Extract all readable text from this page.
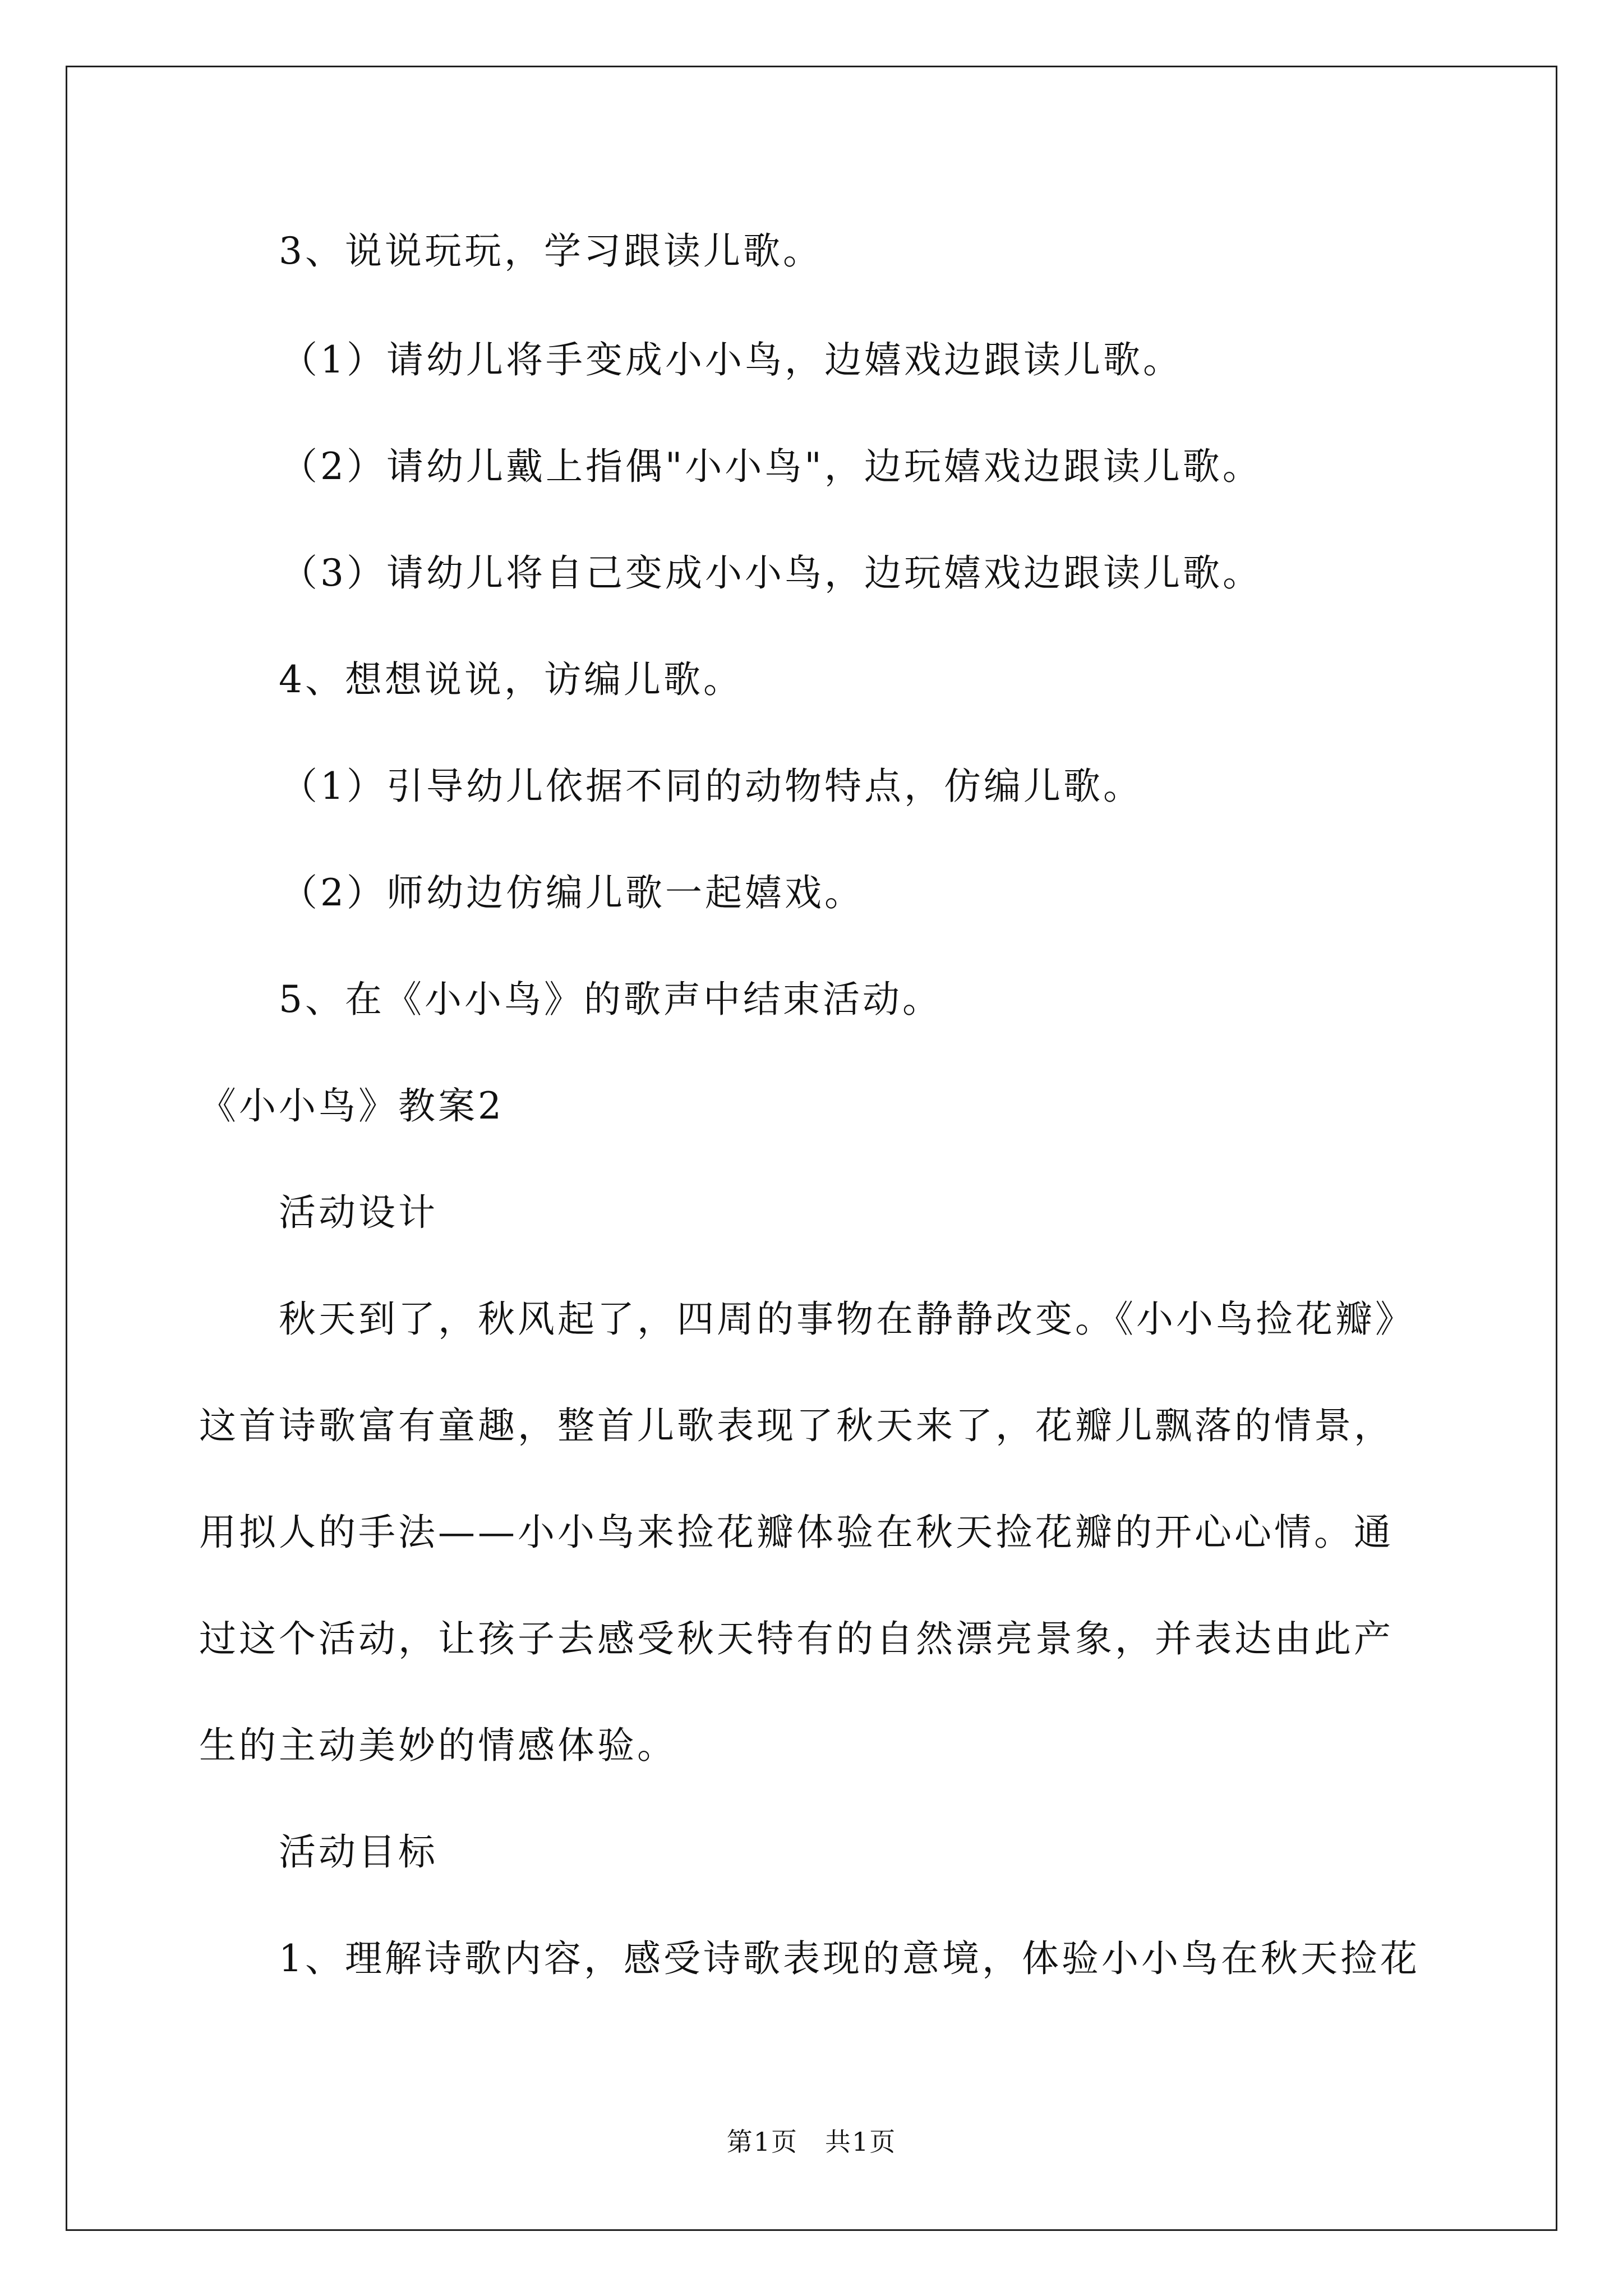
3、说说玩玩，学习跟读儿歌。

（1）请幼儿将手变成小小鸟，边嬉戏边跟读儿歌。

（2）请幼儿戴上指偶"小小鸟"，边玩嬉戏边跟读儿歌。

（3）请幼儿将自己变成小小鸟，边玩嬉戏边跟读儿歌。

4、想想说说，访编儿歌。

（1）引导幼儿依据不同的动物特点，仿编儿歌。

（2）师幼边仿编儿歌一起嬉戏。

5、在《小小鸟》的歌声中结束活动。

《小小鸟》教案2

活动设计

秋天到了，秋风起了，四周的事物在静静改变。《小小鸟捡花瓣》

这首诗歌富有童趣，整首儿歌表现了秋天来了，花瓣儿飘落的情景，

用拟人的手法——小小鸟来捡花瓣体验在秋天捡花瓣的开心心情。通

过这个活动，让孩子去感受秋天特有的自然漂亮景象，并表达由此产

生的主动美妙的情感体验。

活动目标

1、理解诗歌内容，感受诗歌表现的意境，体验小小鸟在秋天捡花

第1页　共1页
